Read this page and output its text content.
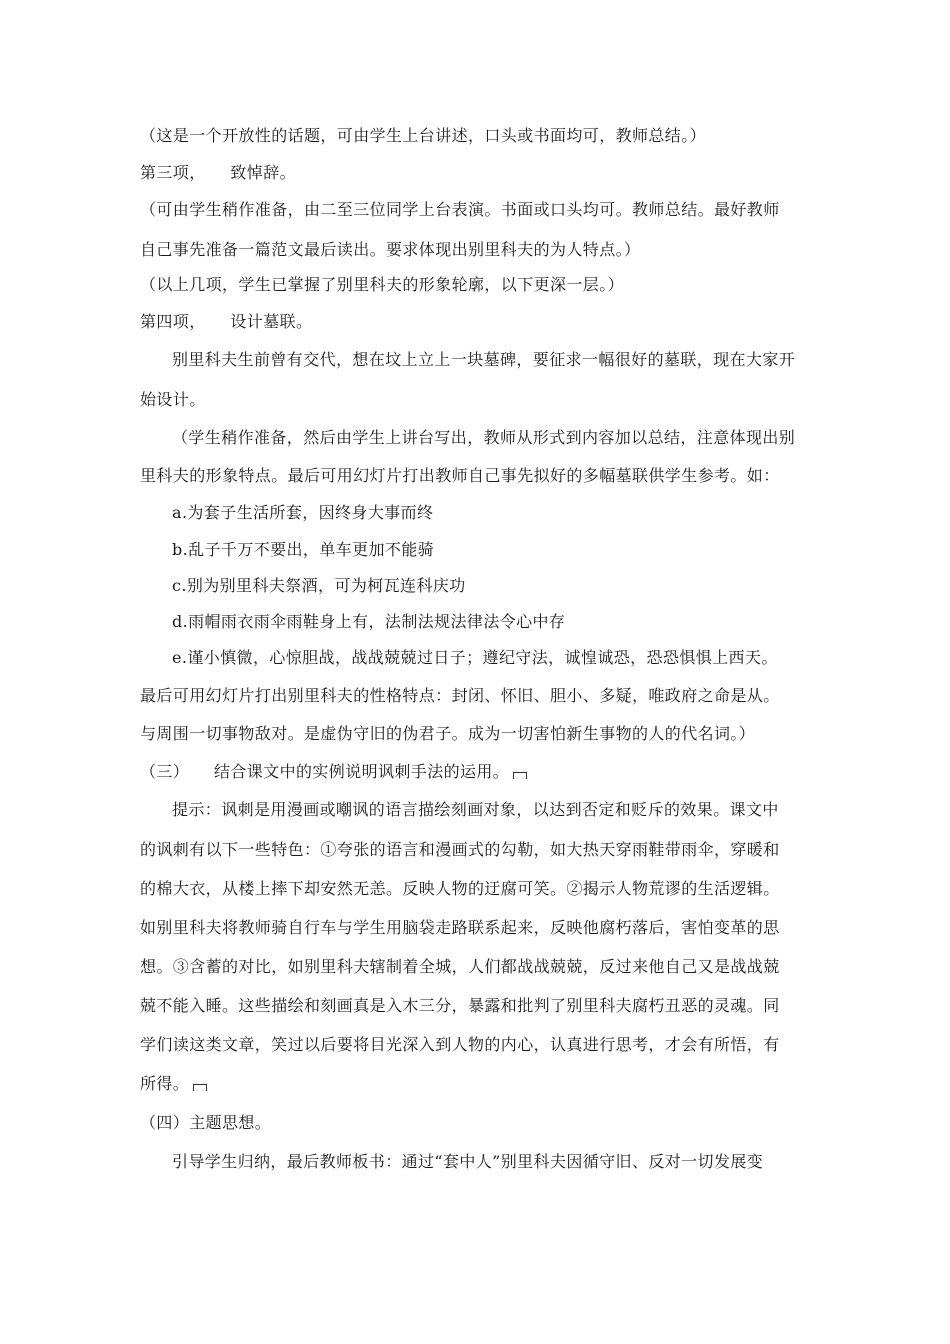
（这是一个开放性的话题，可由学生上台讲述，口头或书面均可，教师总结。）
第三项，　　致悼辞。
（可由学生稍作准备，由二至三位同学上台表演。书面或口头均可。教师总结。最好教师
自己事先准备一篇范文最后读出。要求体现出别里科夫的为人特点。）
（以上几项，学生已掌握了别里科夫的形象轮廓，以下更深一层。）
第四项，　　设计墓联。
别里科夫生前曾有交代，想在坟上立上一块墓碑，要征求一幅很好的墓联，现在大家开
始设计。
（学生稍作准备，然后由学生上讲台写出，教师从形式到内容加以总结，注意体现出别
里科夫的形象特点。最后可用幻灯片打出教师自己事先拟好的多幅墓联供学生参考。如：
a.为套子生活所套，因终身大事而终
b.乱子千万不要出，单车更加不能骑
c.别为别里科夫祭酒，可为柯瓦连科庆功
d.雨帽雨衣雨伞雨鞋身上有，法制法规法律法令心中存
e.谨小慎微，心惊胆战，战战兢兢过日子；遵纪守法，诚惶诚恐，恐恐惧惧上西天。
最后可用幻灯片打出别里科夫的性格特点：封闭、怀旧、胆小、多疑，唯政府之命是从。
与周围一切事物敌对。是虚伪守旧的伪君子。成为一切害怕新生事物的人的代名词。）
（三）　　结合课文中的实例说明讽刺手法的运用。
提示：讽刺是用漫画或嘲讽的语言描绘刻画对象，以达到否定和贬斥的效果。课文中
的讽刺有以下一些特色：①夸张的语言和漫画式的勾勒，如大热天穿雨鞋带雨伞，穿暖和
的棉大衣，从楼上摔下却安然无恙。反映人物的迂腐可笑。②揭示人物荒谬的生活逻辑。
如别里科夫将教师骑自行车与学生用脑袋走路联系起来，反映他腐朽落后，害怕变革的思
想。③含蓄的对比，如别里科夫辖制着全城，人们都战战兢兢，反过来他自己又是战战兢
兢不能入睡。这些描绘和刻画真是入木三分，暴露和批判了别里科夫腐朽丑恶的灵魂。同
学们读这类文章，笑过以后要将目光深入到人物的内心，认真进行思考，才会有所悟，有
所得。
（四）主题思想。
引导学生归纳，最后教师板书：通过“套中人”别里科夫因循守旧、反对一切发展变
